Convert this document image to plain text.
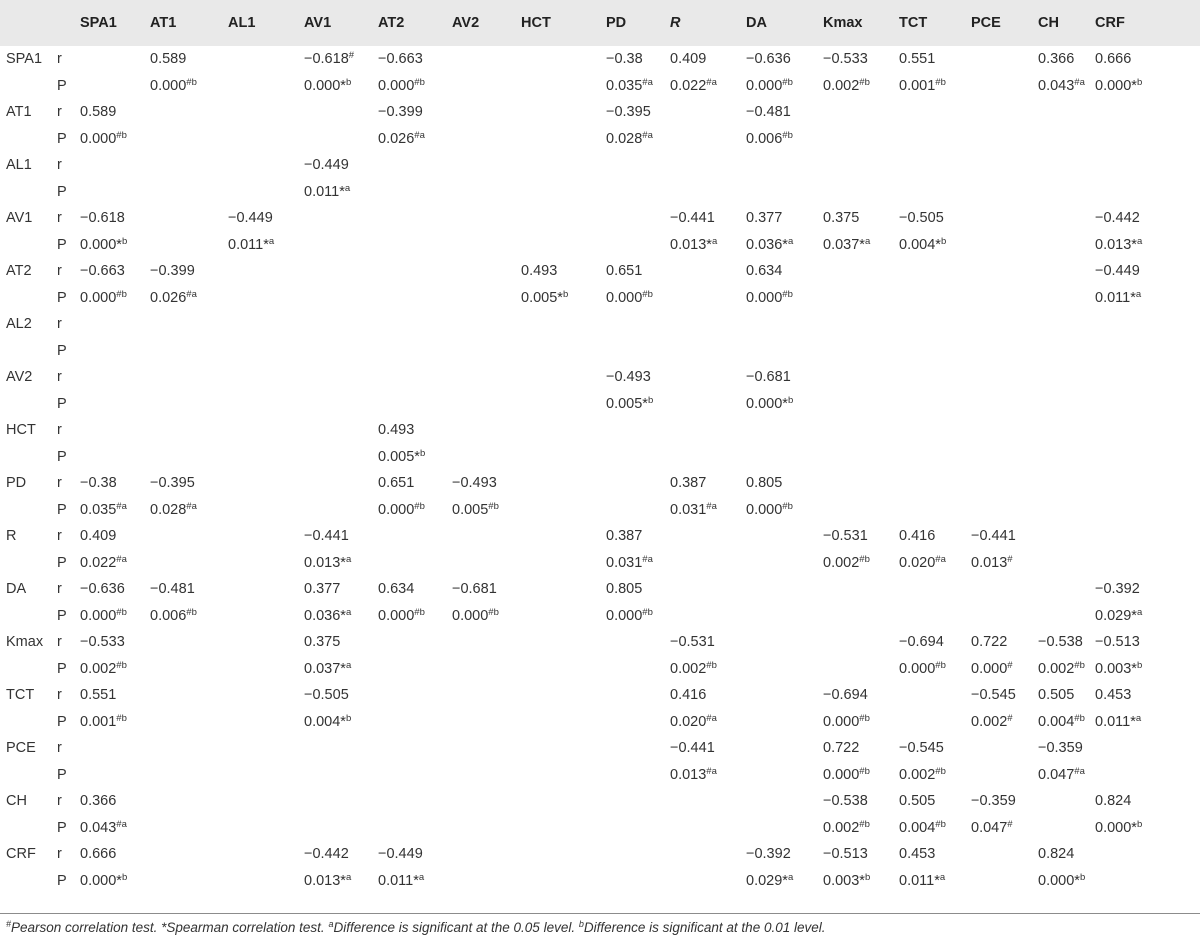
		SPA1	AT1	AL1	AV1	AT2	AV2	HCT	PD	R	DA	Kmax	TCT	PCE	CH	CRF
SPA1	r		0.589		−0.618#	−0.663			−0.38	0.409	−0.636	−0.533	0.551		0.366	0.666
	P		0.000$^{\#b}$		0.000*$^b$	0.000$^{\#b}$			0.035$^{\#a}$	0.022$^{\#a}$	0.000$^{\#b}$	0.002$^{\#b}$	0.001$^{\#b}$		0.043$^{\#a}$	0.000*$^b$
AT1	r	0.589				−0.399			−0.395		−0.481					
	P	0.000$^{\#b}$				0.026$^{\#a}$			0.028$^{\#a}$		0.006$^{\#b}$					
AL1	r				−0.449											
	P				0.011*$^a$											
AV1	r	−0.618		−0.449						−0.441	0.377	0.375	−0.505			−0.442
	P	0.000*$^b$		0.011*$^a$						0.013*$^a$	0.036*$^a$	0.037*$^a$	0.004*$^b$			0.013*$^a$
AT2	r	−0.663	−0.399					0.493	0.651		0.634					−0.449
	P	0.000$^{\#b}$	0.026$^{\#a}$					0.005*$^b$	0.000$^{\#b}$		0.000$^{\#b}$					0.011*$^a$
AL2	r															
	P															
AV2	r								−0.493		−0.681					
	P								0.005*$^b$		0.000*$^b$					
HCT	r					0.493										
	P					0.005*$^b$										
PD	r	−0.38	−0.395			0.651	−0.493			0.387	0.805					
	P	0.035$^{\#a}$	0.028$^{\#a}$			0.000$^{\#b}$	0.005$^{\#b}$			0.031$^{\#a}$	0.000$^{\#b}$					
R	r	0.409			−0.441				0.387			−0.531	0.416	−0.441		
	P	0.022$^{\#a}$			0.013*$^a$				0.031$^{\#a}$			0.002$^{\#b}$	0.020$^{\#a}$	0.013#		
DA	r	−0.636	−0.481		0.377	0.634	−0.681		0.805							−0.392
	P	0.000$^{\#b}$	0.006$^{\#b}$		0.036*$^a$	0.000$^{\#b}$	0.000$^{\#b}$		0.000$^{\#b}$							0.029*$^a$
Kmax	r	−0.533			0.375					−0.531			−0.694	0.722	−0.538	−0.513
	P	0.002$^{\#b}$			0.037*$^a$					0.002$^{\#b}$			0.000$^{\#b}$	0.000#	0.002$^{\#b}$	0.003*$^b$
TCT	r	0.551			−0.505					0.416		−0.694		−0.545	0.505	0.453
	P	0.001$^{\#b}$			0.004*$^b$					0.020$^{\#a}$		0.000$^{\#b}$		0.002#	0.004$^{\#b}$	0.011*$^a$
PCE	r									−0.441		0.722	−0.545		−0.359	
	P									0.013$^{\#a}$		0.000$^{\#b}$	0.002$^{\#b}$		0.047$^{\#a}$	
CH	r	0.366										−0.538	0.505	−0.359		0.824
	P	0.043$^{\#a}$										0.002$^{\#b}$	0.004$^{\#b}$	0.047#		0.000*$^b$
CRF	r	0.666			−0.442	−0.449					−0.392	−0.513	0.453		0.824	
	P	0.000*$^b$			0.013*$^a$	0.011*$^a$					0.029*$^a$	0.003*$^b$	0.011*$^a$		0.000*$^b$	
#Pearson correlation test. *Spearman correlation test. $^a$Difference is significant at the 0.05 level. $^b$Difference is significant at the 0.01 level.
